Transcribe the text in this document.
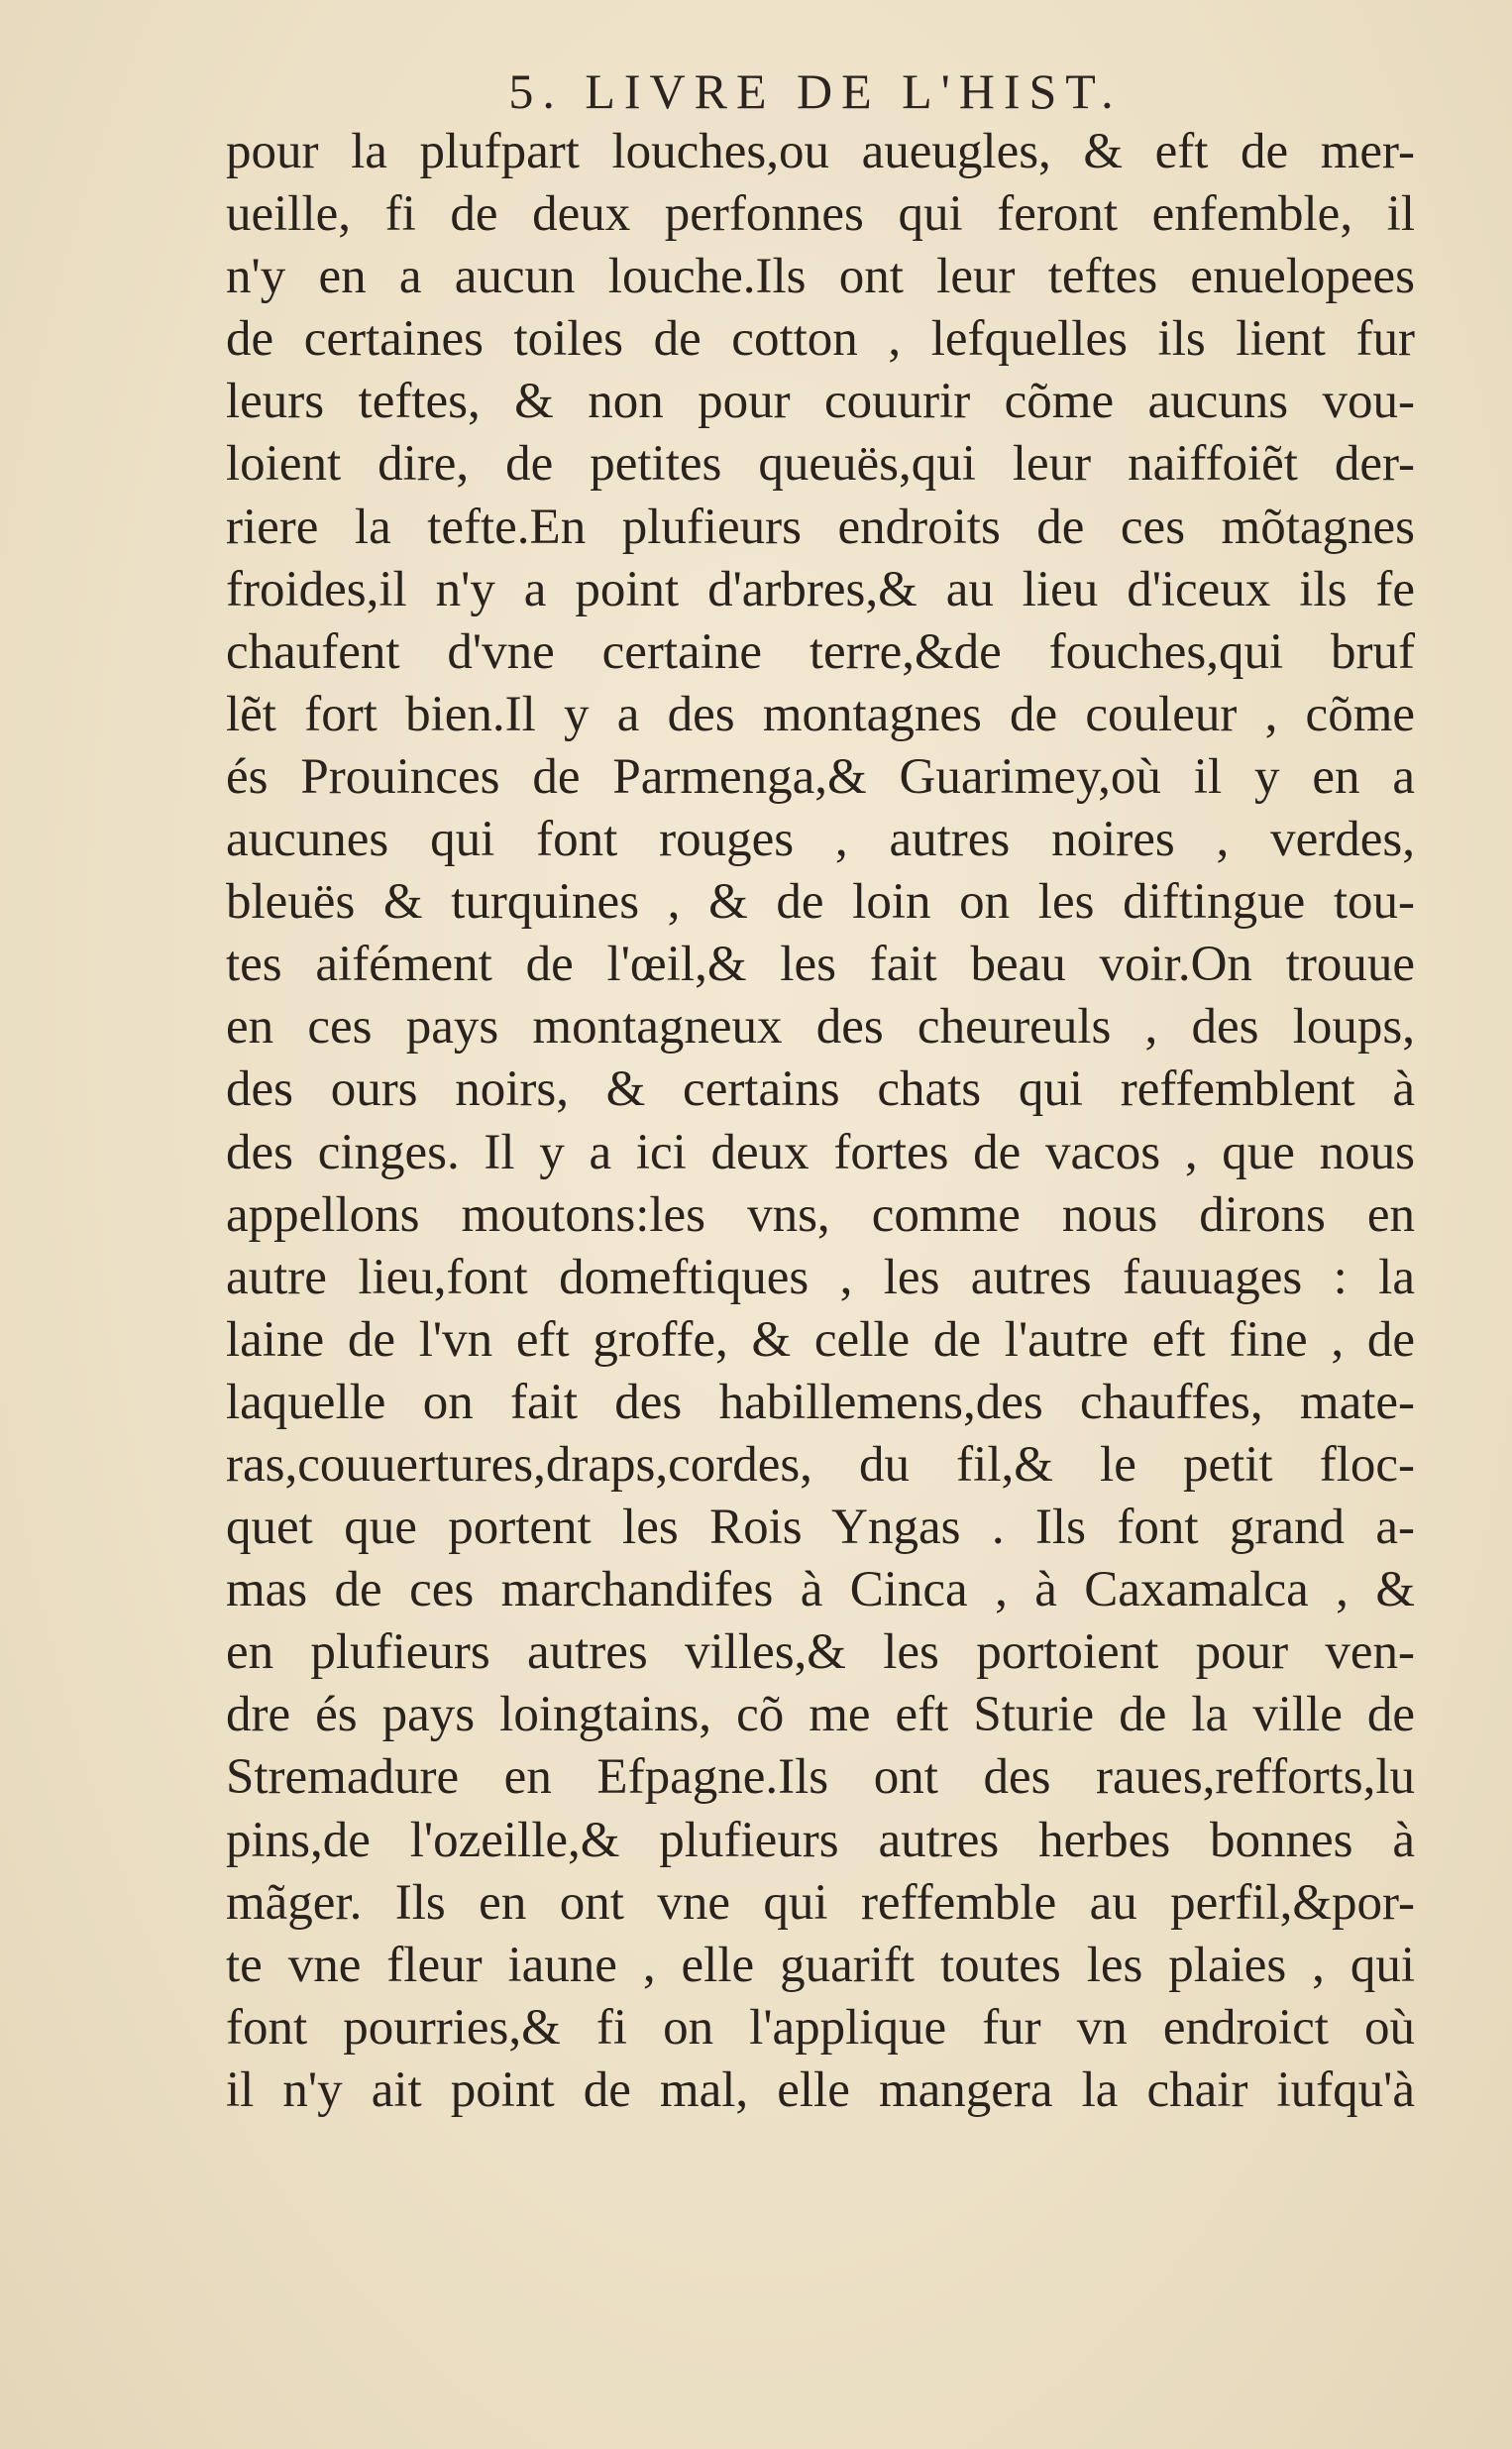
5. LIVRE DE L'HIST.
pour la plufpart louches,ou aueugles, & eft de mer-
ueille, fi de deux perfonnes qui feront enfemble, il
n'y en a aucun louche.Ils ont leur teftes enuelopees
de certaines toiles de cotton , lefquelles ils lient fur
leurs teftes, & non pour couurir cõme aucuns vou-
loient dire, de petites queuës,qui leur naiffoiẽt der-
riere la tefte.En plufieurs endroits de ces mõtagnes
froides,il n'y a point d'arbres,& au lieu d'iceux ils fe
chaufent d'vne certaine terre,&de fouches,qui bruf
lẽt fort bien.Il y a des montagnes de couleur , cõme
és Prouinces de Parmenga,& Guarimey,où il y en a
aucunes qui font rouges , autres noires , verdes,
bleuës & turquines , & de loin on les diftingue tou-
tes aifément de l'œil,& les fait beau voir.On trouue
en ces pays montagneux des cheureuls , des loups,
des ours noirs, & certains chats qui reffemblent à
des cinges. Il y a ici deux fortes de vacos , que nous
appellons moutons:les vns, comme nous dirons en
autre lieu,font domeftiques , les autres fauuages : la
laine de l'vn eft groffe, & celle de l'autre eft fine , de
laquelle on fait des habillemens,des chauffes, mate-
ras,couuertures,draps,cordes, du fil,& le petit floc-
quet que portent les Rois Yngas . Ils font grand a-
mas de ces marchandifes à Cinca , à Caxamalca , &
en plufieurs autres villes,& les portoient pour ven-
dre és pays loingtains, cõ me eft Sturie de la ville de
Stremadure en Efpagne.Ils ont des raues,refforts,lu
pins,de l'ozeille,& plufieurs autres herbes bonnes à
mãger. Ils en ont vne qui reffemble au perfil,&por-
te vne fleur iaune , elle guarift toutes les plaies , qui
font pourries,& fi on l'applique fur vn endroict où
il n'y ait point de mal, elle mangera la chair iufqu'à
